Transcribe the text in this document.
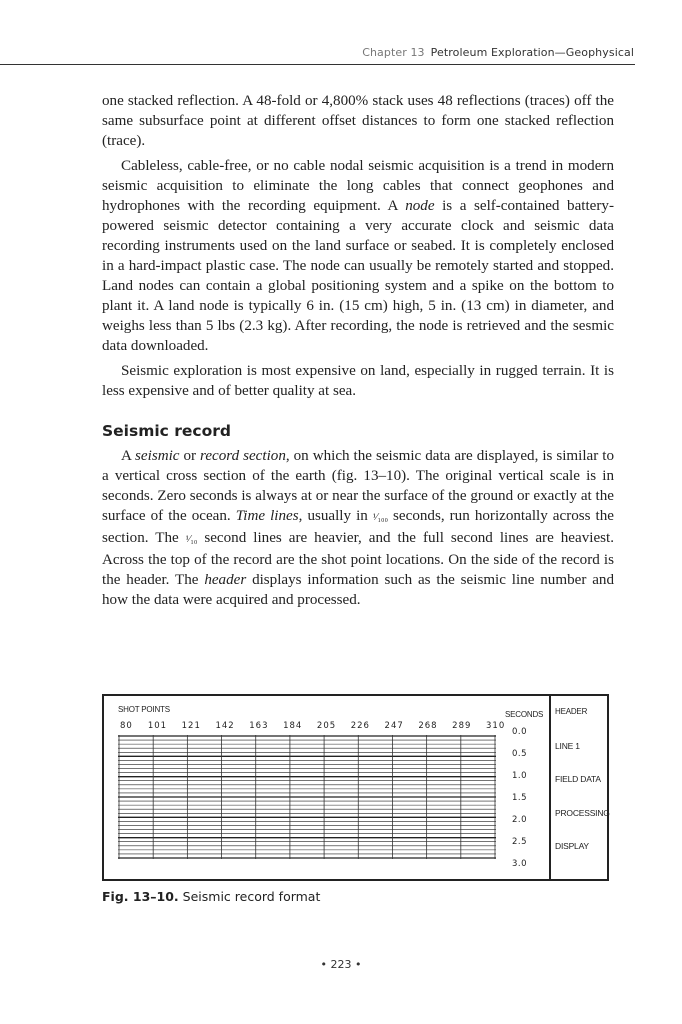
Chapter 13 Petroleum Exploration—Geophysical

one stacked reflection. A 48-fold or 4,800% stack uses 48 reflections (traces) off the same subsurface point at different offset distances to form one stacked reflection (trace).

Cableless, cable-free, or no cable nodal seismic acquisition is a trend in modern seismic acquisition to eliminate the long cables that connect geophones and hydrophones with the recording equipment. A node is a self-contained battery-powered seismic detector containing a very accurate clock and seismic data recording instruments used on the land surface or seabed. It is completely enclosed in a hard-impact plastic case. The node can usually be remotely started and stopped. Land nodes can contain a global positioning system and a spike on the bottom to plant it. A land node is typically 6 in. (15 cm) high, 5 in. (13 cm) in diameter, and weighs less than 5 lbs (2.3 kg). After recording, the node is retrieved and the sesmic data downloaded.

Seismic exploration is most expensive on land, especially in rugged terrain. It is less expensive and of better quality at sea.

Seismic record

A seismic or record section, on which the seismic data are displayed, is similar to a vertical cross section of the earth (fig. 13–10). The original vertical scale is in seconds. Zero seconds is always at or near the surface of the ground or exactly at the surface of the ocean. Time lines, usually in ¹⁄₁₀₀ seconds, run horizontally across the section. The ¹⁄₁₀ second lines are heavier, and the full second lines are heaviest. Across the top of the record are the shot point locations. On the side of the record is the header. The header displays information such as the seismic line number and how the data were acquired and processed.

SHOT POINTS
80 101 121 142 163 184 205 226 247 268 289 310
SECONDS
0.0
0.5
1.0
1.5
2.0
2.5
3.0
HEADER
LINE 1
FIELD DATA
PROCESSING
DISPLAY
Fig. 13–10. Seismic record format
• 223 •
